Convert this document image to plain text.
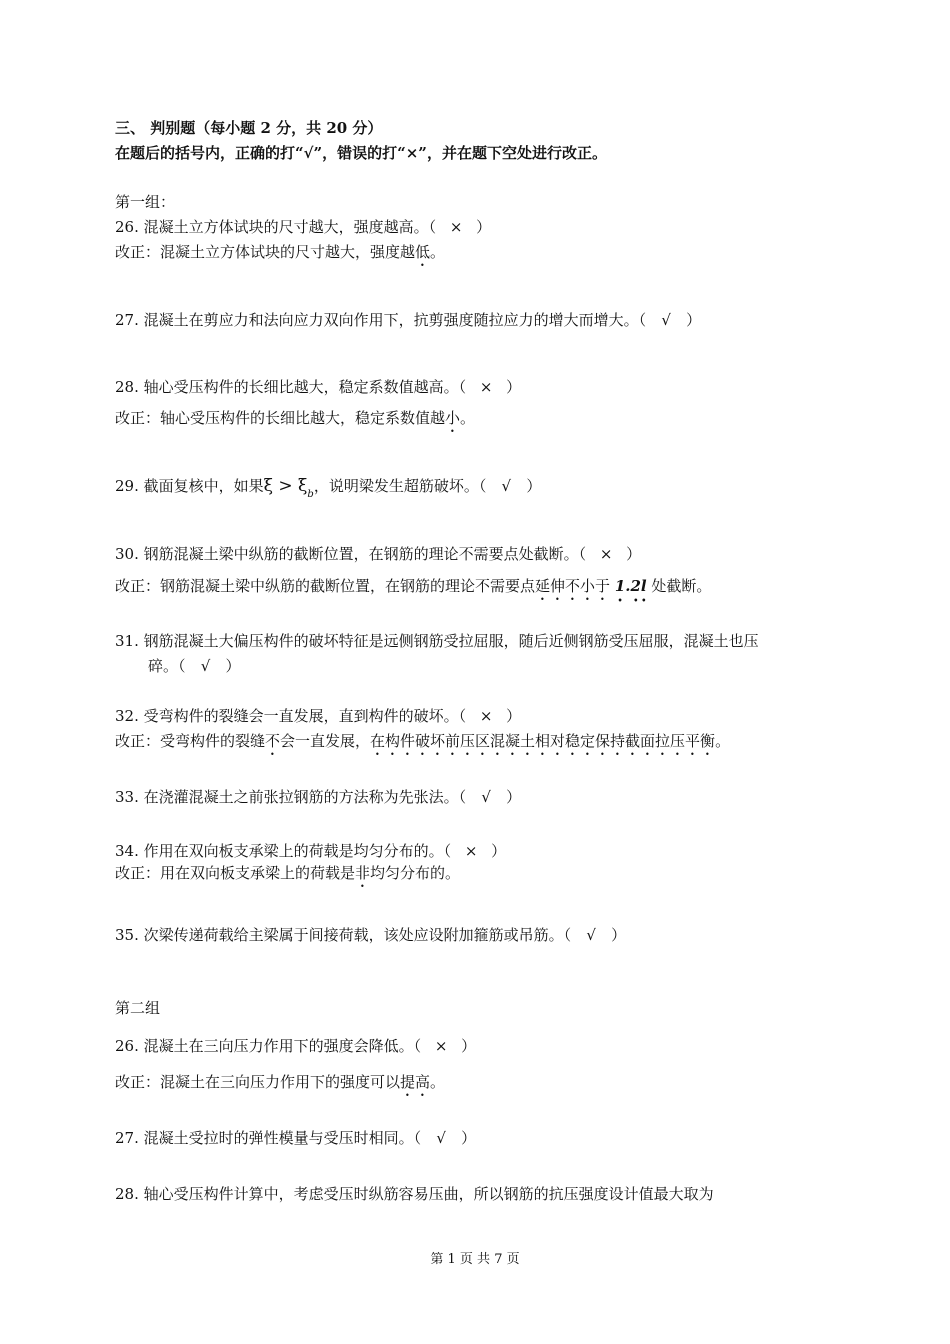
三、 判别题（每小题 2 分，共 20 分）
在题后的括号内，正确的打“√”，错误的打“×”，并在题下空处进行改正。
第一组：
26. 混凝土立方体试块的尺寸越大，强度越高。（ × ）
改正：混凝土立方体试块的尺寸越大，强度越低。
27. 混凝土在剪应力和法向应力双向作用下，抗剪强度随拉应力的增大而增大。（ √ ）
28. 轴心受压构件的长细比越大，稳定系数值越高。（ × ）
改正：轴心受压构件的长细比越大，稳定系数值越小。
29. 截面复核中，如果$\xi > \xi_b$，说明梁发生超筋破坏。（ √ ）
30. 钢筋混凝土梁中纵筋的截断位置，在钢筋的理论不需要点处截断。（ × ）
改正：钢筋混凝土梁中纵筋的截断位置，在钢筋的理论不需要点延伸不小于 1.2l 处截断。
31. 钢筋混凝土大偏压构件的破坏特征是远侧钢筋受拉屈服，随后近侧钢筋受压屈服，混凝土也压
碎。（ √ ）
32. 受弯构件的裂缝会一直发展，直到构件的破坏。（ × ）
改正：受弯构件的裂缝不会一直发展，在构件破坏前压区混凝土相对稳定保持截面拉压平衡。
33. 在浇灌混凝土之前张拉钢筋的方法称为先张法。（ √ ）
34. 作用在双向板支承梁上的荷载是均匀分布的。（ × ）
改正：用在双向板支承梁上的荷载是非均匀分布的。
35. 次梁传递荷载给主梁属于间接荷载，该处应设附加箍筋或吊筋。（ √ ）
第二组
26. 混凝土在三向压力作用下的强度会降低。（ × ）
改正：混凝土在三向压力作用下的强度可以提高。
27. 混凝土受拉时的弹性模量与受压时相同。（ √ ）
28. 轴心受压构件计算中，考虑受压时纵筋容易压曲，所以钢筋的抗压强度设计值最大取为
第 1 页 共 7 页
